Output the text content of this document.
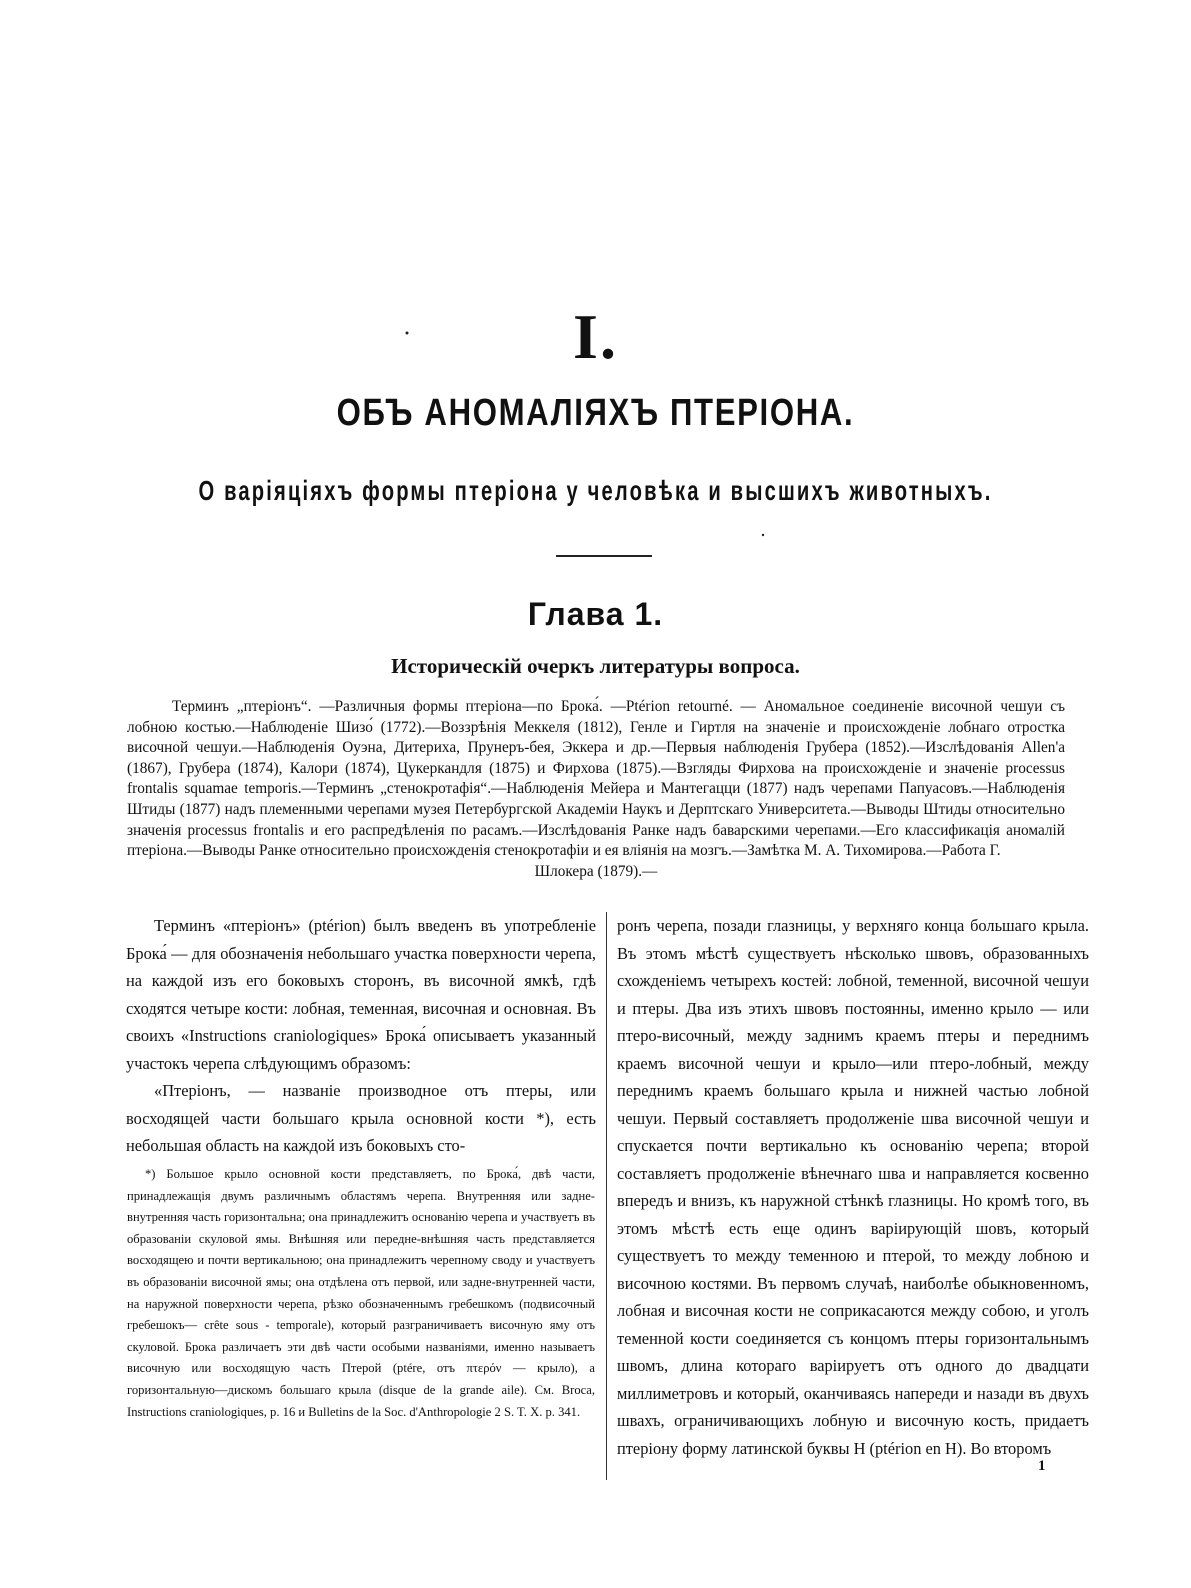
I.
ОБЪ АНОМАЛІЯХЪ ПТЕРІОНА.
О варіяціяхъ формы птеріона у человѣка и высшихъ животныхъ.
Глава 1.
Историческій очеркъ литературы вопроса.
Терминъ „птеріонъ“. —Различныя формы птеріона—по Брока́. —Ptérion retourné. — Аномальное соединеніе височной чешуи съ лобною костью.—Наблюденіе Шизо́ (1772).—Воззрѣнія Меккеля (1812), Генле и Гиртля на значеніе и происхожденіе лобнаго отростка височной чешуи.—Наблюденія Оуэна, Дитериха, Прунеръ-бея, Эккера и др.—Первыя наблюденія Грубера (1852).—Изслѣдованія Allen'a (1867), Грубера (1874), Калори (1874), Цукеркандля (1875) и Фирхова (1875).—Взгляды Фирхова на происхожденіе и значеніе processus frontalis squamae temporis.—Терминъ „стенокротафія“.—Наблюденія Мейера и Мантегацци (1877) надъ черепами Папуасовъ.—Наблюденія Штиды (1877) надъ племенными черепами музея Петербургской Академіи Наукъ и Дерптскаго Университета.—Выводы Штиды относительно значенія processus frontalis и его распредѣленія по расамъ.—Изслѣдованія Ранке надъ баварскими черепами.—Его классификація аномалій птеріона.—Выводы Ранке относительно происхожденія стенокротафіи и ея вліянія на мозгъ.—Замѣтка М. А. Тихомирова.—Работа Г.
Шлокера (1879).—

Терминъ «птеріонъ» (ptérion) былъ введенъ въ употребленіе Брока́ — для обозначенія небольшаго участка поверхности черепа, на каждой изъ его боковыхъ сторонъ, въ височной ямкѣ, гдѣ сходятся четыре кости: лобная, теменная, височная и основная. Въ своихъ «Instructions craniologiques» Брока́ описываетъ указанный участокъ черепа слѣдующимъ образомъ:

«Птеріонъ, — названіе производное отъ птеры, или восходящей части большаго крыла основной кости *), есть небольшая область на каждой изъ боковыхъ сто-

*) Большое крыло основной кости представляетъ, по Брока́, двѣ части, принадлежащія двумъ различнымъ областямъ черепа. Внутренняя или задне-внутренняя часть горизонтальна; она принадлежитъ основанію черепа и участвуетъ въ образованіи скуловой ямы. Внѣшняя или передне-внѣшняя часть представляется восходящею и почти вертикальною; она принадлежитъ черепному своду и участвуетъ въ образованіи височной ямы; она отдѣлена отъ первой, или задне-внутренней части, на наружной поверхности черепа, рѣзко обозначеннымъ гребешкомъ (подвисочный гребешокъ— crête sous - temporale), который разграничиваетъ височную яму отъ скуловой. Брока различаетъ эти двѣ части особыми названіями, именно называетъ височную или восходящую часть Птерой (ptére, отъ πτερόν — крыло), а горизонтальную—дискомъ большаго крыла (disque de la grande aile). См. Broca, Instructions craniologiques, p. 16 и Bulletins de la Soc. d'Anthropologie 2 S. T. X. p. 341.

ронъ черепа, позади глазницы, у верхняго конца большаго крыла. Въ этомъ мѣстѣ существуетъ нѣсколько швовъ, образованныхъ схожденіемъ четырехъ костей: лобной, теменной, височной чешуи и птеры. Два изъ этихъ швовъ постоянны, именно крыло — или птеро-височный, между заднимъ краемъ птеры и переднимъ краемъ височной чешуи и крыло—или птеро-лобный, между переднимъ краемъ большаго крыла и нижней частью лобной чешуи. Первый составляетъ продолженіе шва височной чешуи и спускается почти вертикально къ основанію черепа; второй составляетъ продолженіе вѣнечнаго шва и направляется косвенно впередъ и внизъ, къ наружной стѣнкѣ глазницы. Но кромѣ того, въ этомъ мѣстѣ есть еще одинъ варіирующій шовъ, который существуетъ то между теменною и птерой, то между лобною и височною костями. Въ первомъ случаѣ, наиболѣе обыкновенномъ, лобная и височная кости не соприкасаются между собою, и уголъ теменной кости соединяется съ концомъ птеры горизонтальнымъ швомъ, длина котораго варіируетъ отъ одного до двадцати миллиметровъ и который, оканчиваясь напереди и назади въ двухъ швахъ, ограничивающихъ лобную и височную кость, придаетъ птеріону форму латинской буквы H (ptérion en H). Во второмъ

1
